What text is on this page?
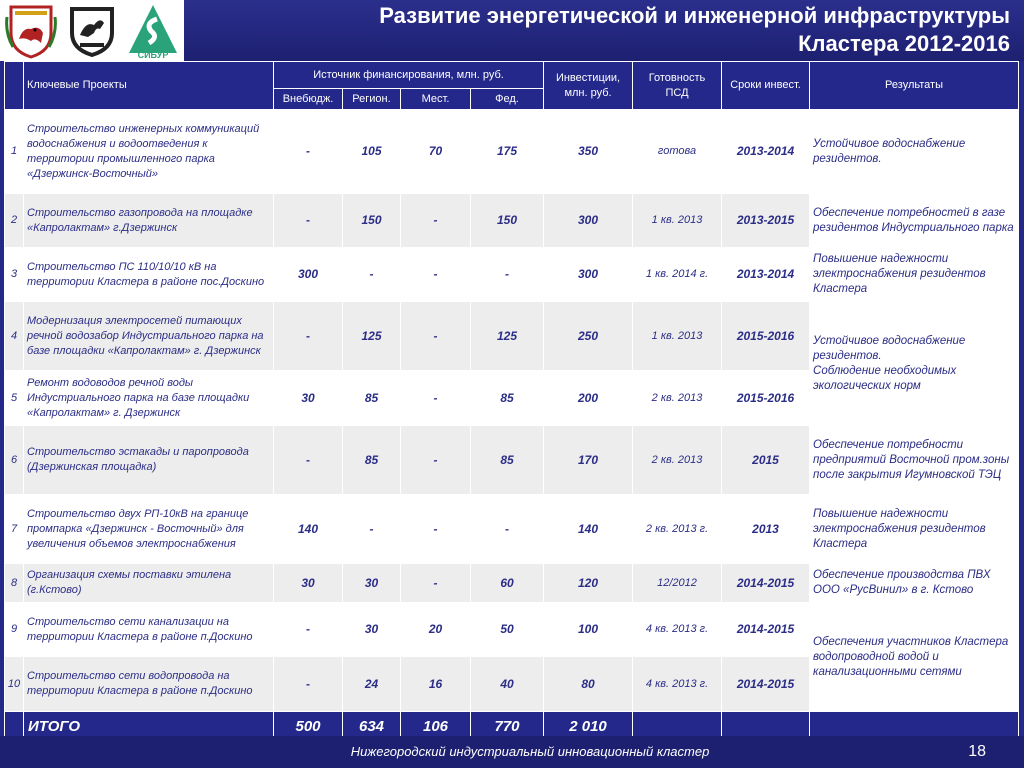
СИБУР
Развитие энергетической и инженерной инфраструктуры
Кластера 2012-2016
	Ключевые Проекты	Источник финансирования, млн. руб.				Инвестиции, млн. руб.	Готовность ПСД	Сроки инвест.	Результаты
		Внебюдж.	Регион.	Мест.	Фед.				
1	Строительство инженерных коммуникаций водоснабжения и водоотведения к территории промышленного парка «Дзержинск-Восточный»	-	105	70	175	350	готова	2013-2014	Устойчивое водоснабжение резидентов.
2	Строительство газопровода на площадке «Капролактам» г.Дзержинск	-	150	-	150	300	1 кв. 2013	2013-2015	Обеспечение потребностей в газе резидентов Индустриального парка
3	Строительство ПС 110/10/10 кВ на территории Кластера в районе пос.Доскино	300	-	-	-	300	1 кв. 2014 г.	2013-2014	Повышение надежности электроснабжения резидентов Кластера
4	Модернизация электросетей питающих речной водозабор Индустриального парка на базе площадки «Капролактам» г. Дзержинск	-	125	-	125	250	1 кв. 2013	2015-2016	Устойчивое водоснабжение резидентов.
Соблюдение необходимых экологических норм
5	Ремонт водоводов речной воды Индустриального парка на базе площадки «Капролактам» г. Дзержинск	30	85	-	85	200	2 кв. 2013	2015-2016	
6	Строительство эстакады и паропровода (Дзержинская площадка)	-	85	-	85	170	2 кв. 2013	2015	Обеспечение потребности предприятий Восточной пром.зоны после закрытия Игумновской ТЭЦ
7	Строительство двух РП-10кВ на границе промпарка «Дзержинск - Восточный» для увеличения объемов электроснабжения	140	-	-	-	140	2 кв. 2013 г.	2013	Повышение надежности электроснабжения резидентов Кластера
8	Организация схемы поставки этилена (г.Кстово)	30	30	-	60	120	12/2012	2014-2015	Обеспечение производства ПВХ ООО «РусВинил» в г. Кстово
9	Строительство сети канализации на территории Кластера в районе п.Доскино	-	30	20	50	100	4 кв. 2013 г.	2014-2015	Обеспечения участников Кластера водопроводной водой и канализационными сетями
10	Строительство сети водопровода на территории Кластера в районе п.Доскино	-	24	16	40	80	4 кв. 2013 г.	2014-2015	
	ИТОГО	500	634	106	770	2 010			
Нижегородский индустриальный инновационный кластер	18
